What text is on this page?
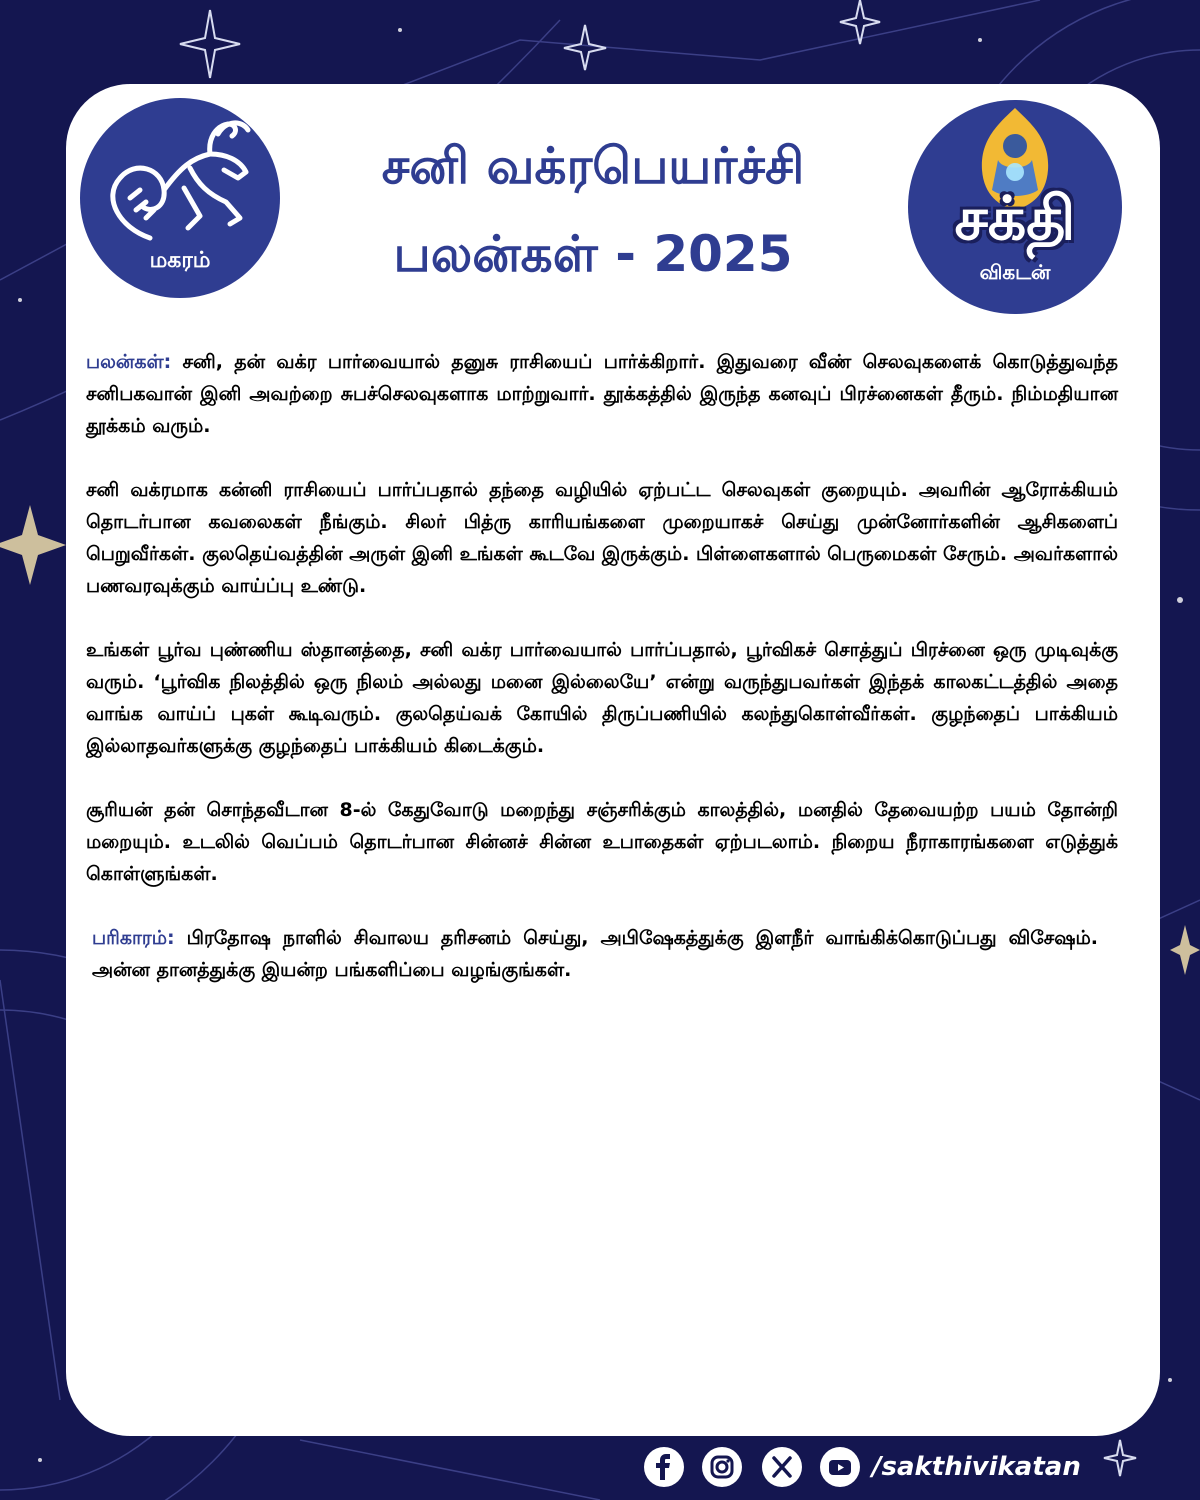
மகரம்
சனி வக்ரபெயர்ச்சி
பலன்கள் - 2025	சக்தி
விகடன்

பலன்கள்: சனி, தன் வக்ர பார்வையால் தனுசு ராசியைப் பார்க்கிறார். இதுவரை வீண் செலவுகளைக் கொடுத்துவந்த சனிபகவான் இனி அவற்றை சுபச்செலவுகளாக மாற்றுவார். தூக்கத்தில் இருந்த கனவுப் பிரச்னைகள் தீரும். நிம்மதியான தூக்கம் வரும்.

சனி வக்ரமாக கன்னி ராசியைப் பார்ப்பதால் தந்தை வழியில் ஏற்பட்ட செலவுகள் குறையும். அவரின் ஆரோக்கியம் தொடர்பான கவலைகள் நீங்கும். சிலர் பித்ரு காரியங்களை முறையாகச் செய்து முன்னோர்களின் ஆசிகளைப் பெறுவீர்கள். குலதெய்வத்தின் அருள் இனி உங்கள் கூடவே இருக்கும். பிள்ளைகளால் பெருமைகள் சேரும். அவர்களால் பணவரவுக்கும் வாய்ப்பு உண்டு.

உங்கள் பூர்வ புண்ணிய ஸ்தானத்தை, சனி வக்ர பார்வையால் பார்ப்பதால், பூர்விகச் சொத்துப் பிரச்னை ஒரு முடிவுக்கு வரும். ‘பூர்விக நிலத்தில் ஒரு நிலம் அல்லது மனை இல்லையே’ என்று வருந்துபவர்கள் இந்தக் காலகட்டத்தில் அதை வாங்க வாய்ப் புகள் கூடிவரும். குலதெய்வக் கோயில் திருப்பணியில் கலந்துகொள்வீர்கள். குழந்தைப் பாக்கியம் இல்லாதவர்களுக்கு குழந்தைப் பாக்கியம் கிடைக்கும்.

சூரியன் தன் சொந்தவீடான 8-ல் கேதுவோடு மறைந்து சஞ்சரிக்கும் காலத்தில், மனதில் தேவையற்ற பயம் தோன்றி மறையும். உடலில் வெப்பம் தொடர்பான சின்னச் சின்ன உபாதைகள் ஏற்படலாம். நிறைய நீராகாரங்களை எடுத்துக் கொள்ளுங்கள்.

பரிகாரம்: பிரதோஷ நாளில் சிவாலய தரிசனம் செய்து, அபிஷேகத்துக்கு இளநீர் வாங்கிக்கொடுப்பது விசேஷம். அன்ன தானத்துக்கு இயன்ற பங்களிப்பை வழங்குங்கள்.

/sakthivikatan
